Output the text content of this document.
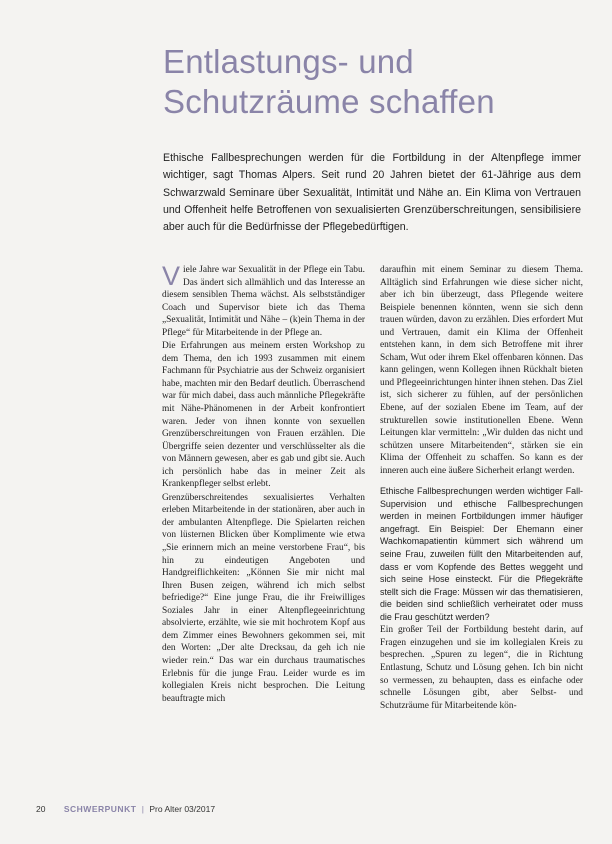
Entlastungs- und
Schutzräume schaffen

Ethische Fallbesprechungen werden für die Fortbildung in der Altenpflege immer wichtiger, sagt Thomas Alpers. Seit rund 20 Jahren bietet der 61-Jährige aus dem Schwarzwald Seminare über Sexualität, Intimität und Nähe an. Ein Klima von Vertrauen und Offenheit helfe Betroffenen von sexualisierten Grenzüberschreitungen, sensibilisiere aber auch für die Bedürfnisse der Pflegebedürftigen.

Viele Jahre war Sexualität in der Pflege ein Tabu. Das ändert sich allmählich und das Interesse an diesem sensiblen Thema wächst. Als selbstständiger Coach und Supervisor biete ich das Thema „Sexualität, Intimität und Nähe – (k)ein Thema in der Pflege“ für Mitarbeitende in der Pflege an.

Die Erfahrungen aus meinem ersten Workshop zu dem Thema, den ich 1993 zusammen mit einem Fachmann für Psychiatrie aus der Schweiz organisiert habe, machten mir den Bedarf deutlich. Überraschend war für mich dabei, dass auch männliche Pflegekräfte mit Nähe-Phänomenen in der Arbeit konfrontiert waren. Jeder von ihnen konnte von sexuellen Grenzüberschreitungen von Frauen erzählen. Die Übergriffe seien dezenter und verschlüsselter als die von Männern gewesen, aber es gab und gibt sie. Auch ich persönlich habe das in meiner Zeit als Krankenpfleger selbst erlebt.

Grenzüberschreitendes sexualisiertes Verhalten erleben Mitarbeitende in der stationären, aber auch in der ambulanten Altenpflege. Die Spielarten reichen von lüsternen Blicken über Komplimente wie etwa „Sie erinnern mich an meine verstorbene Frau“, bis hin zu eindeutigen Angeboten und Handgreiflichkeiten: „Können Sie mir nicht mal Ihren Busen zeigen, während ich mich selbst befriedige?“ Eine junge Frau, die ihr Freiwilliges Soziales Jahr in einer Altenpflegeeinrichtung absolvierte, erzählte, wie sie mit hochrotem Kopf aus dem Zimmer eines Bewohners gekommen sei, mit den Worten: „Der alte Drecksau, da geh ich nie wieder rein.“ Das war ein durchaus traumatisches Erlebnis für die junge Frau. Leider wurde es im kollegialen Kreis nicht besprochen. Die Leitung beauftragte mich

daraufhin mit einem Seminar zu diesem Thema. Alltäglich sind Erfahrungen wie diese sicher nicht, aber ich bin überzeugt, dass Pflegende weitere Beispiele benennen könnten, wenn sie sich denn trauen würden, davon zu erzählen. Dies erfordert Mut und Vertrauen, damit ein Klima der Offenheit entstehen kann, in dem sich Betroffene mit ihrer Scham, Wut oder ihrem Ekel offenbaren können. Das kann gelingen, wenn Kollegen ihnen Rückhalt bieten und Pflegeeinrichtungen hinter ihnen stehen. Das Ziel ist, sich sicherer zu fühlen, auf der persönlichen Ebene, auf der sozialen Ebene im Team, auf der strukturellen sowie institutionellen Ebene. Wenn Leitungen klar vermitteln: „Wir dulden das nicht und schützen unsere Mitarbeitenden“, stärken sie ein Klima der Offenheit zu schaffen. So kann es der inneren auch eine äußere Sicherheit erlangt werden.

Ethische Fallbesprechungen werden wichtiger Fall-Supervision und ethische Fallbesprechungen werden in meinen Fortbildungen immer häufiger angefragt. Ein Beispiel: Der Ehemann einer Wachkomapatientin kümmert sich während um seine Frau, zuweilen füllt den Mitarbeitenden auf, dass er vom Kopfende des Bettes weggeht und sich seine Hose einsteckt. Für die Pflegekräfte stellt sich die Frage: Müssen wir das thematisieren, die beiden sind schließlich verheiratet oder muss die Frau geschützt werden?

Ein großer Teil der Fortbildung besteht darin, auf Fragen einzugehen und sie im kollegialen Kreis zu besprechen. „Spuren zu legen“, die in Richtung Entlastung, Schutz und Lösung gehen. Ich bin nicht so vermessen, zu behaupten, dass es einfache oder schnelle Lösungen gibt, aber Selbst- und Schutzräume für Mitarbeitende kön-

20 SCHWERPUNKT | Pro Alter 03/2017
